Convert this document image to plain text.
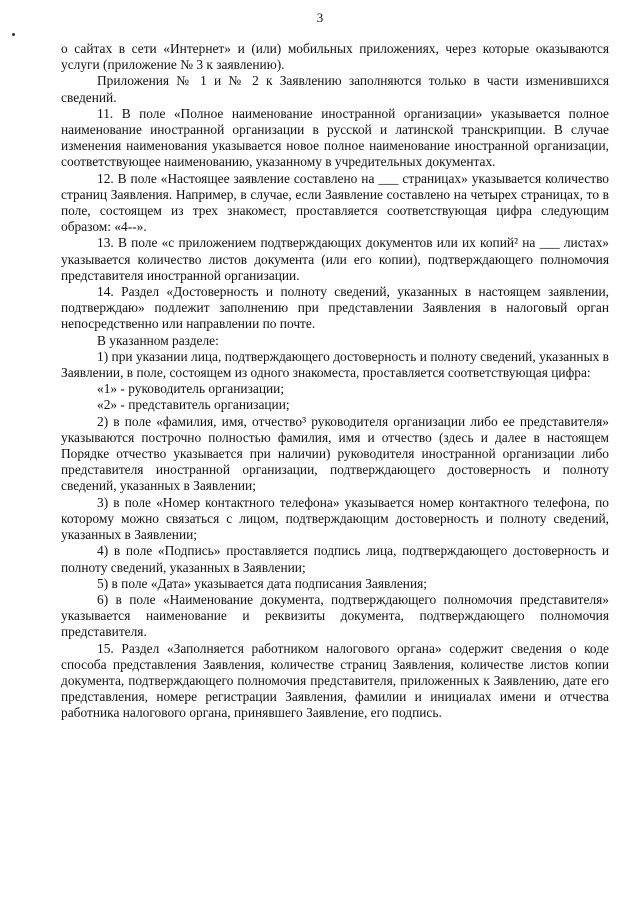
3

о сайтах в сети «Интернет» и (или) мобильных приложениях, через которые оказываются услуги (приложение № 3 к заявлению).

Приложения № 1 и № 2 к Заявлению заполняются только в части изменившихся сведений.

11. В поле «Полное наименование иностранной организации» указывается полное наименование иностранной организации в русской и латинской транскрипции. В случае изменения наименования указывается новое полное наименование иностранной организации, соответствующее наименованию, указанному в учредительных документах.

12. В поле «Настоящее заявление составлено на ___ страницах» указывается количество страниц Заявления. Например, в случае, если Заявление составлено на четырех страницах, то в поле, состоящем из трех знакомест, проставляется соответствующая цифра следующим образом: «4--».

13. В поле «с приложением подтверждающих документов или их копий² на ___ листах» указывается количество листов документа (или его копии), подтверждающего полномочия представителя иностранной организации.

14. Раздел «Достоверность и полноту сведений, указанных в настоящем заявлении, подтверждаю» подлежит заполнению при представлении Заявления в налоговый орган непосредственно или направлении по почте.

В указанном разделе:

1) при указании лица, подтверждающего достоверность и полноту сведений, указанных в Заявлении, в поле, состоящем из одного знакоместа, проставляется соответствующая цифра:

«1» - руководитель организации;

«2» - представитель организации;

2) в поле «фамилия, имя, отчество³ руководителя организации либо ее представителя» указываются построчно полностью фамилия, имя и отчество (здесь и далее в настоящем Порядке отчество указывается при наличии) руководителя иностранной организации либо представителя иностранной организации, подтверждающего достоверность и полноту сведений, указанных в Заявлении;

3) в поле «Номер контактного телефона» указывается номер контактного телефона, по которому можно связаться с лицом, подтверждающим достоверность и полноту сведений, указанных в Заявлении;

4) в поле «Подпись» проставляется подпись лица, подтверждающего достоверность и полноту сведений, указанных в Заявлении;

5) в поле «Дата» указывается дата подписания Заявления;

6) в поле «Наименование документа, подтверждающего полномочия представителя» указывается наименование и реквизиты документа, подтверждающего полномочия представителя.

15. Раздел «Заполняется работником налогового органа» содержит сведения о коде способа представления Заявления, количестве страниц Заявления, количестве листов копии документа, подтверждающего полномочия представителя, приложенных к Заявлению, дате его представления, номере регистрации Заявления, фамилии и инициалах имени и отчества работника налогового органа, принявшего Заявление, его подпись.
